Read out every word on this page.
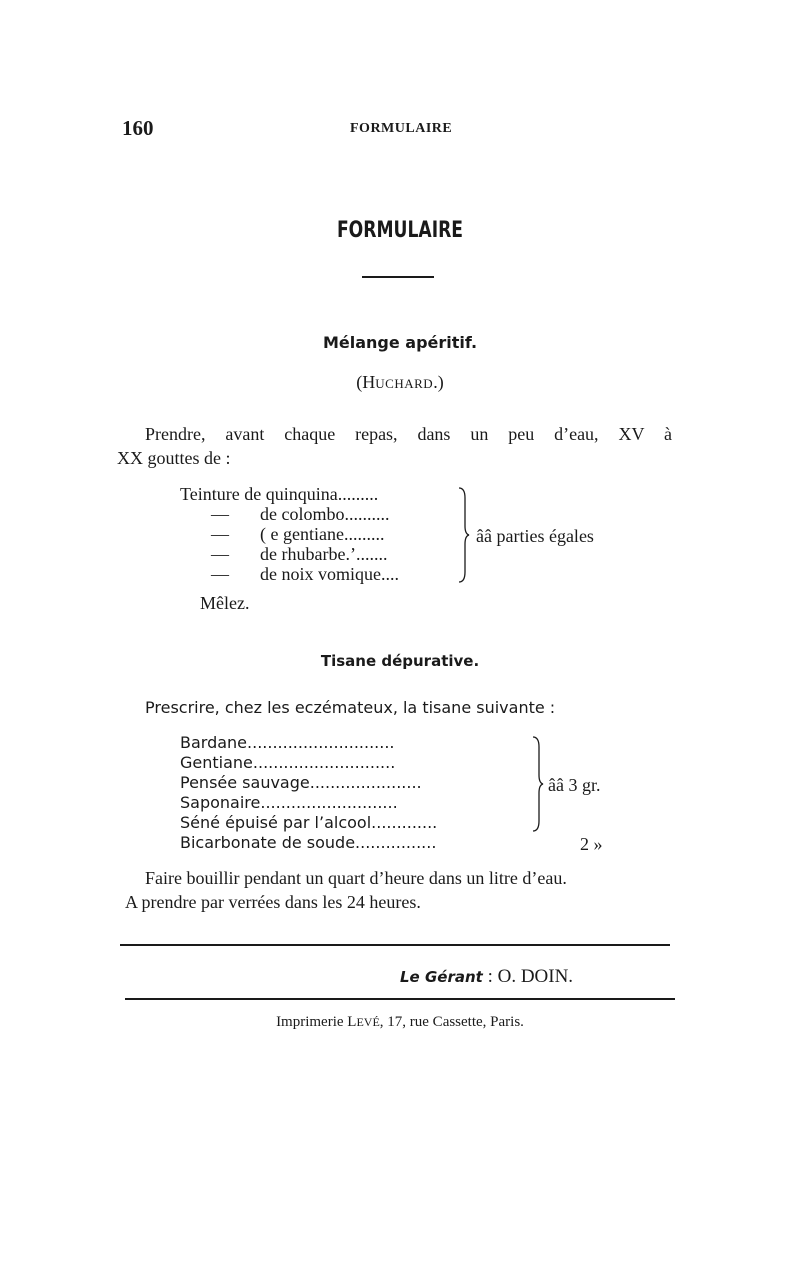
160	FORMULAIRE
FORMULAIRE
Mélange apéritif.
(HUCHARD.)
Prendre, avant chaque repas, dans un peu d’eau, XV à
XX gouttes de :
Teinture de quinquina.........
— de colombo..........
— ( e gentiane.........
— de rhubarbe.’.......
— de noix vomique....
ââ parties égales
Mêlez.
Tisane dépurative.
Prescrire, chez les eczémateux, la tisane suivante :
Bardane.............................
Gentiane............................
Pensée sauvage......................
Saponaire...........................
Séné épuisé par l’alcool.............
Bicarbonate de soude................
ââ 3 gr.
2 »
Faire bouillir pendant un quart d’heure dans un litre d’eau.
A prendre par verrées dans les 24 heures.
Le Gérant : O. DOIN.
Imprimerie LEVÉ, 17, rue Cassette, Paris.
